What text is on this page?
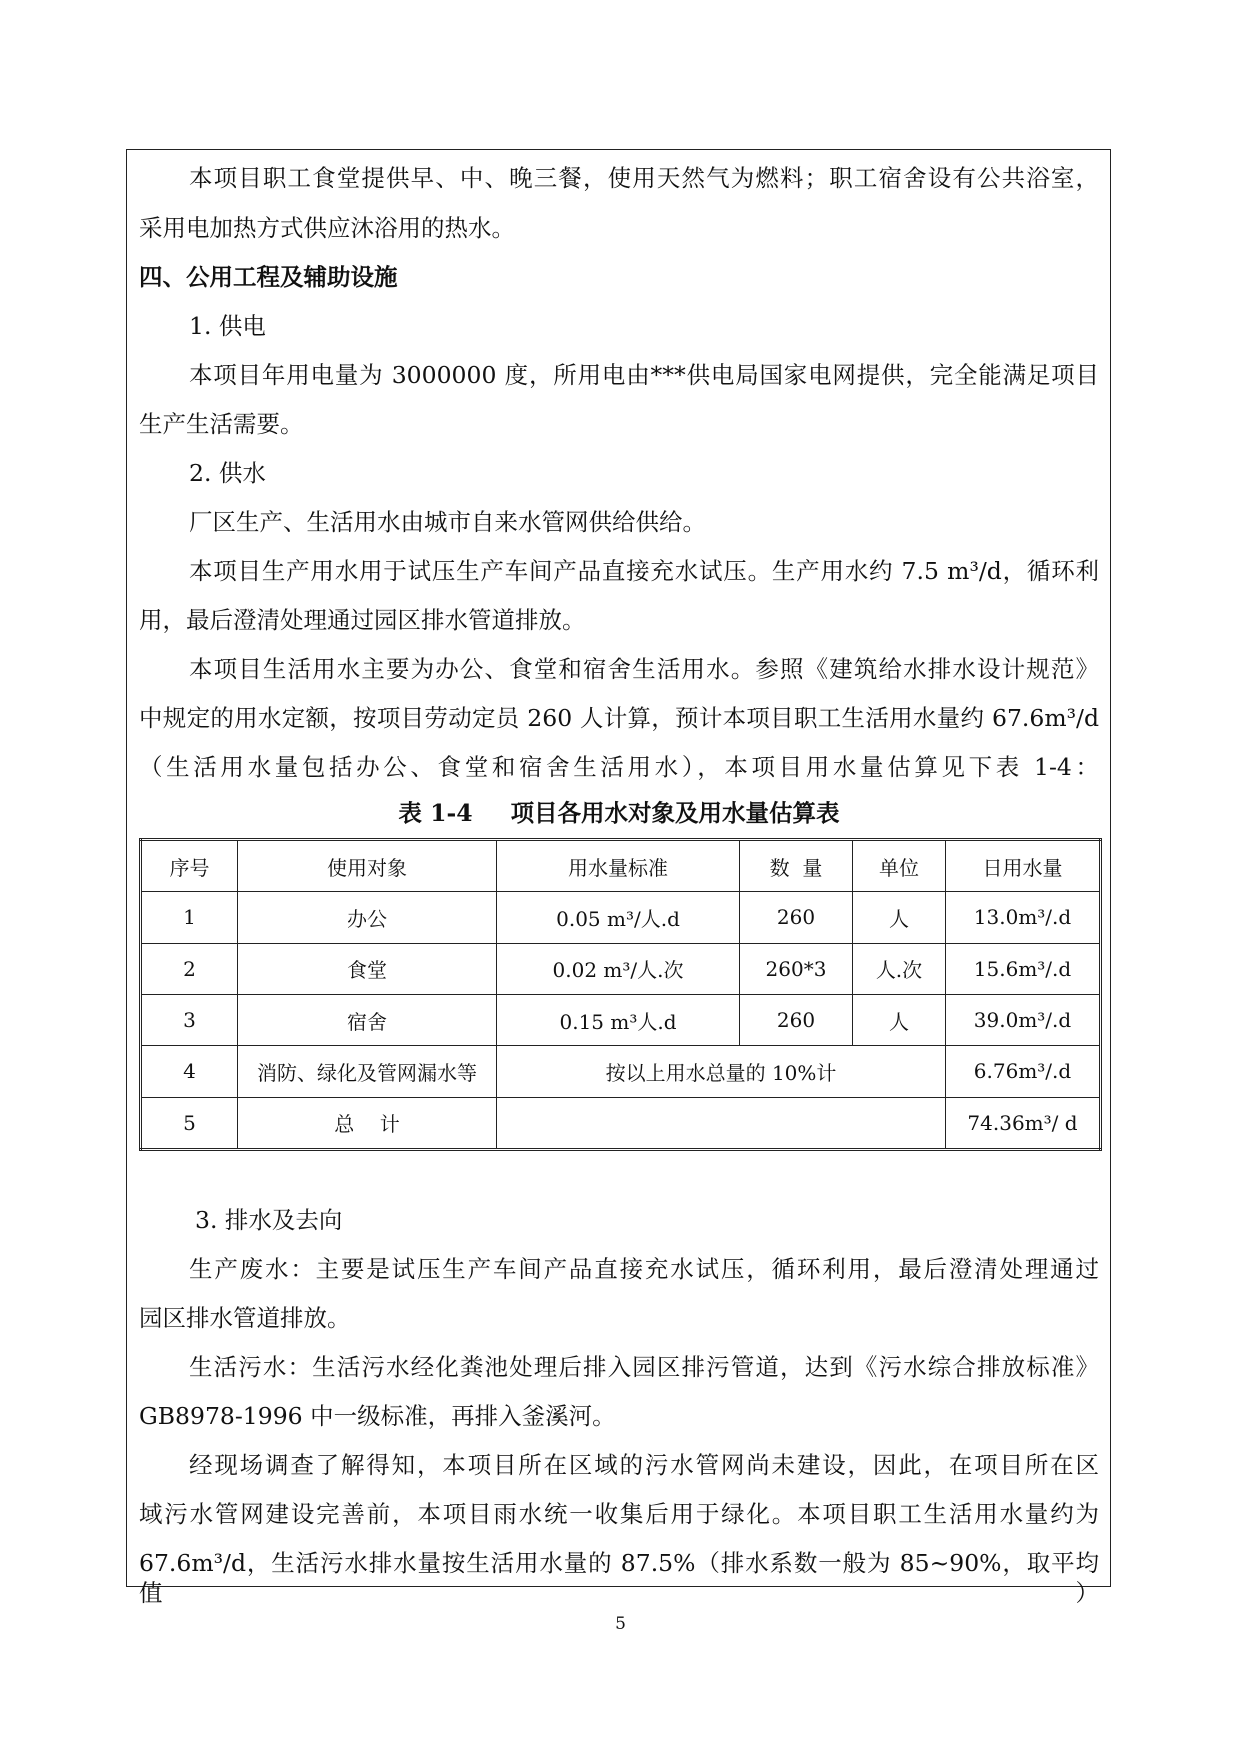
本项目职工食堂提供早、中、晚三餐，使用天然气为燃料；职工宿舍设有公共浴室，
采用电加热方式供应沐浴用的热水。
四、公用工程及辅助设施
1. 供电
本项目年用电量为 3000000 度，所用电由***供电局国家电网提供，完全能满足项目
生产生活需要。
2. 供水
厂区生产、生活用水由城市自来水管网供给供给。
本项目生产用水用于试压生产车间产品直接充水试压。生产用水约 7.5 m³/d，循环利
用，最后澄清处理通过园区排水管道排放。
本项目生活用水主要为办公、食堂和宿舍生活用水。参照《建筑给水排水设计规范》
中规定的用水定额，按项目劳动定员 260 人计算，预计本项目职工生活用水量约 67.6m³/d
（生活用水量包括办公、食堂和宿舍生活用水），本项目用水量估算见下表 1-4：
表 1-4 项目各用水对象及用水量估算表
序号	使用对象	用水量标准	数  量	单位	日用水量
1	办公	0.05 m³/人.d	260	人	13.0m³/.d
2	食堂	0.02 m³/人.次	260*3	人.次	15.6m³/.d
3	宿舍	0.15 m³人.d	260	人	39.0m³/.d
4	消防、绿化及管网漏水等	按以上用水总量的 10%计			6.76m³/.d
5	总    计				74.36m³/ d
3. 排水及去向
生产废水：主要是试压生产车间产品直接充水试压，循环利用，最后澄清处理通过
园区排水管道排放。
生活污水：生活污水经化粪池处理后排入园区排污管道，达到《污水综合排放标准》
GB8978-1996 中一级标准，再排入釜溪河。
经现场调查了解得知，本项目所在区域的污水管网尚未建设，因此，在项目所在区
域污水管网建设完善前，本项目雨水统一收集后用于绿化。本项目职工生活用水量约为
67.6m³/d，生活污水排水量按生活用水量的 87.5%（排水系数一般为 85~90%，取平均值）
5
